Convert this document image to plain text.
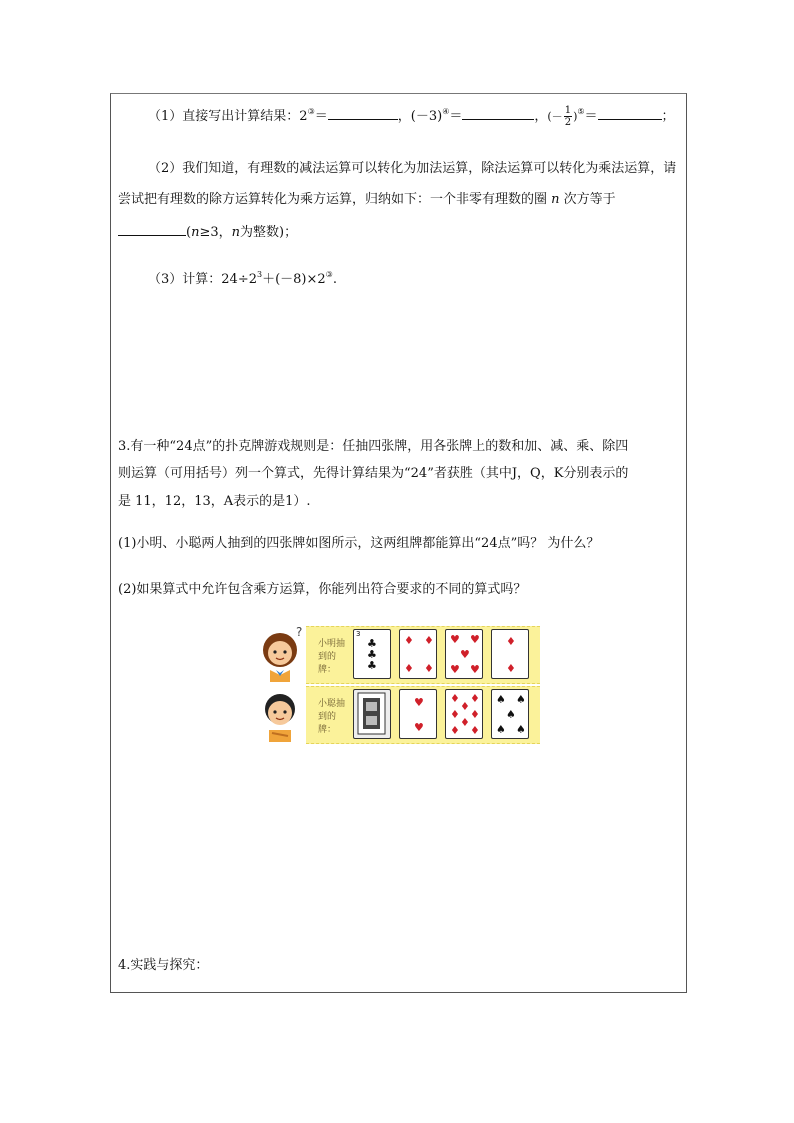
（1）直接写出计算结果：2③＝	，(－3)④＝	，(－ $\frac{1}{2} )^⑤=$	；
（2）我们知道，有理数的减法运算可以转化为加法运算，除法运算可以转化为乘法运算，请
尝试把有理数的除方运算转化为乘方运算，归纳如下：一个非零有理数的圈 n 次方等于
(n≥3，n为整数)；
（3）计算：$24\div 2^3+(-8)\times 2^③$.
3.有一种“24点”的扑克牌游戏规则是：任抽四张牌，用各张牌上的数和加、减、乘、除四
则运算（可用括号）列一个算式，先得计算结果为“24”者获胜（其中J，Q，K分别表示的
是 11，12，13，A表示的是1）.
(1)小明、小聪两人抽到的四张牌如图所示，这两组牌都能算出“24点”吗？ 为什么？
(2)如果算式中允许包含乘方运算，你能列出符合要求的不同的算式吗？
?
小明抽到的牌：
小聪抽到的牌：
3
♣
♣
♣
♦ ♦
♦ ♦
♥ ♥
♥
♥ ♥
♦
♦
♥
♥
♦ ♦
♦
♦ ♦
♦
♦ ♦
♠ ♠
♠
♠ ♠
4.实践与探究：
